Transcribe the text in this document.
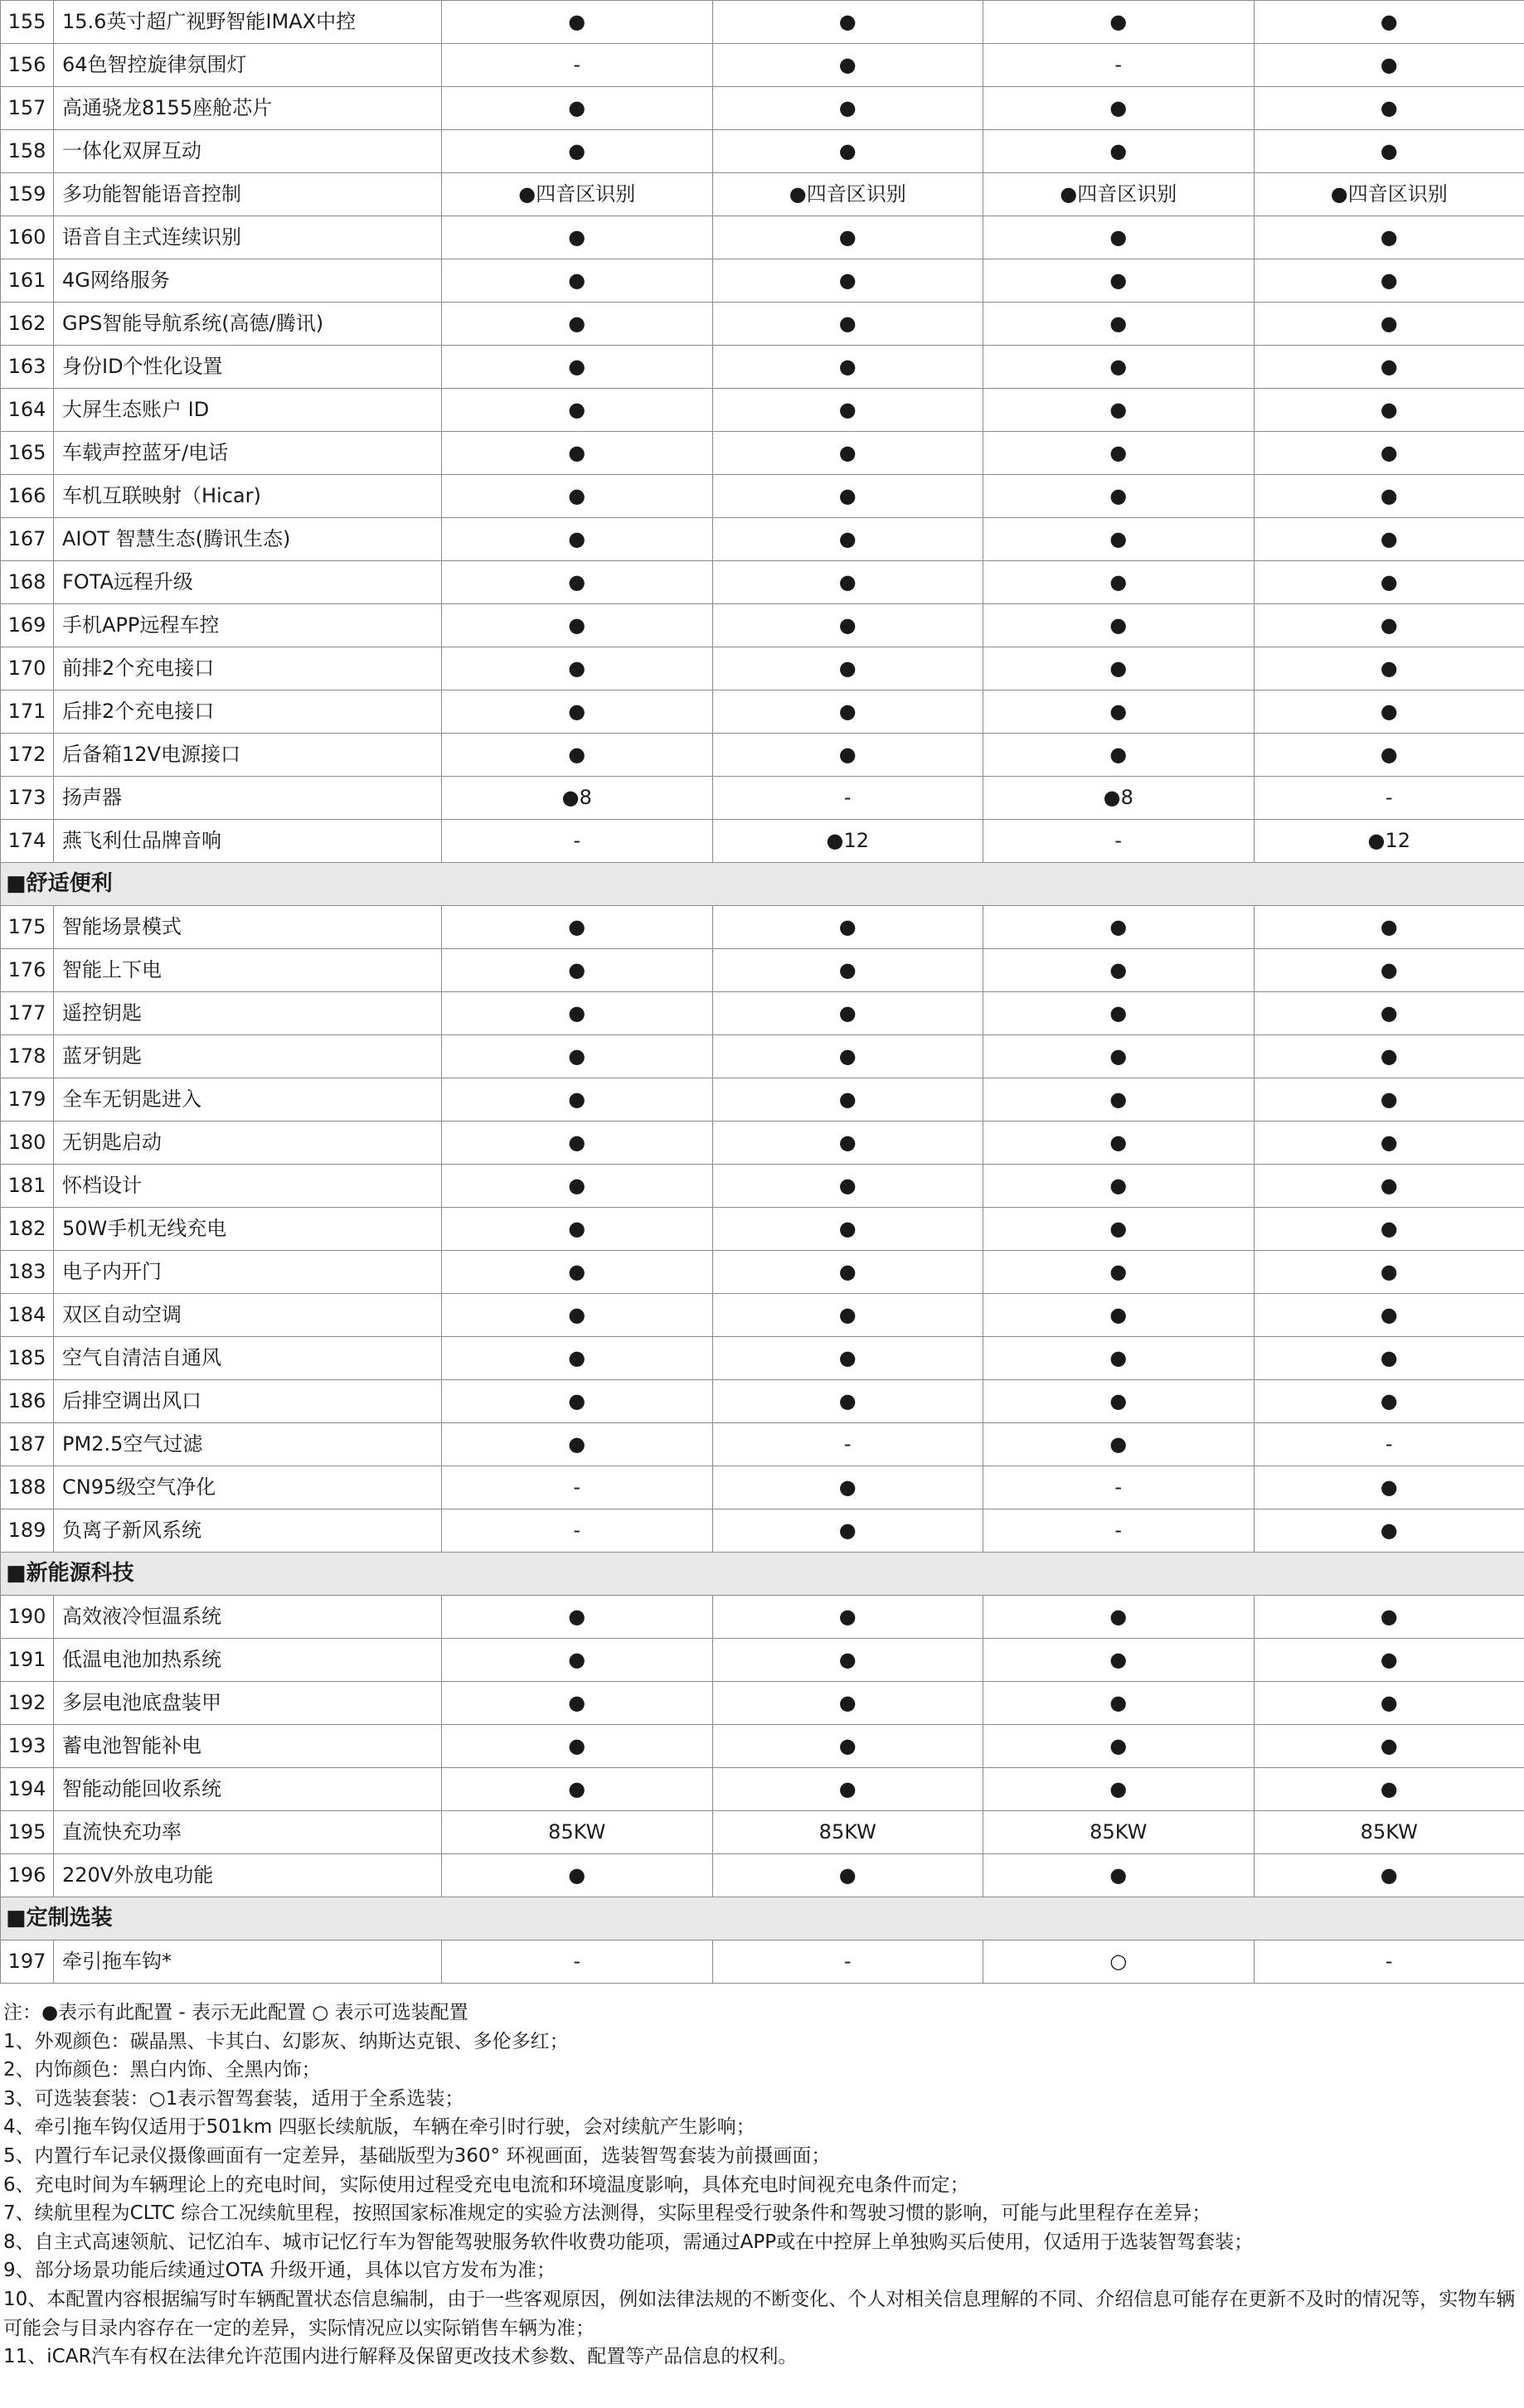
155	15.6英寸超广视野智能IMAX中控	●	●	●	●
156	64色智控旋律氛围灯	-	●	-	●
157	高通骁龙8155座舱芯片	●	●	●	●
158	一体化双屏互动	●	●	●	●
159	多功能智能语音控制	●四音区识别	●四音区识别	●四音区识别	●四音区识别
160	语音自主式连续识别	●	●	●	●
161	4G网络服务	●	●	●	●
162	GPS智能导航系统(高德/腾讯)	●	●	●	●
163	身份ID个性化设置	●	●	●	●
164	大屏生态账户 ID	●	●	●	●
165	车载声控蓝牙/电话	●	●	●	●
166	车机互联映射（Hicar)	●	●	●	●
167	AIOT 智慧生态(腾讯生态)	●	●	●	●
168	FOTA远程升级	●	●	●	●
169	手机APP远程车控	●	●	●	●
170	前排2个充电接口	●	●	●	●
171	后排2个充电接口	●	●	●	●
172	后备箱12V电源接口	●	●	●	●
173	扬声器	●8	-	●8	-
174	燕飞利仕品牌音响	-	●12	-	●12
■舒适便利					
175	智能场景模式	●	●	●	●
176	智能上下电	●	●	●	●
177	遥控钥匙	●	●	●	●
178	蓝牙钥匙	●	●	●	●
179	全车无钥匙进入	●	●	●	●
180	无钥匙启动	●	●	●	●
181	怀档设计	●	●	●	●
182	50W手机无线充电	●	●	●	●
183	电子内开门	●	●	●	●
184	双区自动空调	●	●	●	●
185	空气自清洁自通风	●	●	●	●
186	后排空调出风口	●	●	●	●
187	PM2.5空气过滤	●	-	●	-
188	CN95级空气净化	-	●	-	●
189	负离子新风系统	-	●	-	●
■新能源科技					
190	高效液冷恒温系统	●	●	●	●
191	低温电池加热系统	●	●	●	●
192	多层电池底盘装甲	●	●	●	●
193	蓄电池智能补电	●	●	●	●
194	智能动能回收系统	●	●	●	●
195	直流快充功率	85KW	85KW	85KW	85KW
196	220V外放电功能	●	●	●	●
■定制选装					
197	牵引拖车钩*	-	-	○	-
注：●表示有此配置 - 表示无此配置 ○ 表示可选装配置
1、外观颜色：碳晶黑、卡其白、幻影灰、纳斯达克银、多伦多红；
2、内饰颜色：黑白内饰、全黑内饰；
3、可选装套装：○1表示智驾套装，适用于全系选装；
4、牵引拖车钩仅适用于501km 四驱长续航版，车辆在牵引时行驶，会对续航产生影响；
5、内置行车记录仪摄像画面有一定差异，基础版型为360° 环视画面，选装智驾套装为前摄画面；
6、充电时间为车辆理论上的充电时间，实际使用过程受充电电流和环境温度影响，具体充电时间视充电条件而定；
7、续航里程为CLTC 综合工况续航里程，按照国家标准规定的实验方法测得，实际里程受行驶条件和驾驶习惯的影响，可能与此里程存在差异；
8、自主式高速领航、记忆泊车、城市记忆行车为智能驾驶服务软件收费功能项，需通过APP或在中控屏上单独购买后使用，仅适用于选装智驾套装；
9、部分场景功能后续通过OTA 升级开通，具体以官方发布为准；
10、本配置内容根据编写时车辆配置状态信息编制，由于一些客观原因，例如法律法规的不断变化、个人对相关信息理解的不同、介绍信息可能存在更新不及时的情况等，实物车辆可能会与目录内容存在一定的差异，实际情况应以实际销售车辆为准；
11、iCAR汽车有权在法律允许范围内进行解释及保留更改技术参数、配置等产品信息的权利。
